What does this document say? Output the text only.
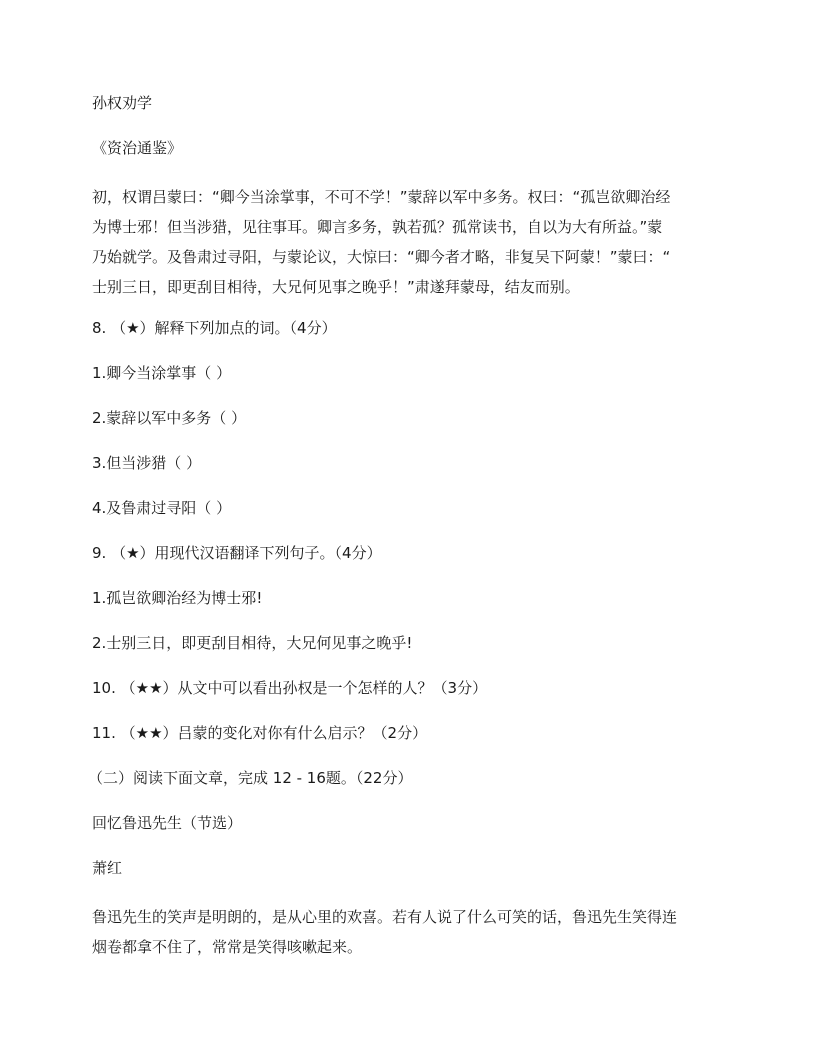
孙权劝学
《资治通鉴》
初，权谓吕蒙曰：“卿今当涂掌事，不可不学！”蒙辞以军中多务。权曰：“孤岂欲卿治经
为博士邪！但当涉猎，见往事耳。卿言多务，孰若孤？孤常读书，自以为大有所益。”蒙
乃始就学。及鲁肃过寻阳，与蒙论议，大惊曰：“卿今者才略，非复吴下阿蒙！”蒙曰：“
士别三日，即更刮目相待，大兄何见事之晚乎！”肃遂拜蒙母，结友而别。
8. （★）解释下列加点的词。（4分）
1.卿今当涂掌事（ ）
2.蒙辞以军中多务（ ）
3.但当涉猎（ ）
4.及鲁肃过寻阳（ ）
9. （★）用现代汉语翻译下列句子。（4分）
1.孤岂欲卿治经为博士邪!
2.士别三日，即更刮目相待，大兄何见事之晚乎!
10. （★★）从文中可以看出孙权是一个怎样的人？（3分）
11. （★★）吕蒙的变化对你有什么启示？（2分）
（二）阅读下面文章，完成 12 - 16题。（22分）
回忆鲁迅先生（节选）
萧红
鲁迅先生的笑声是明朗的，是从心里的欢喜。若有人说了什么可笑的话，鲁迅先生笑得连
烟卷都拿不住了，常常是笑得咳嗽起来。
